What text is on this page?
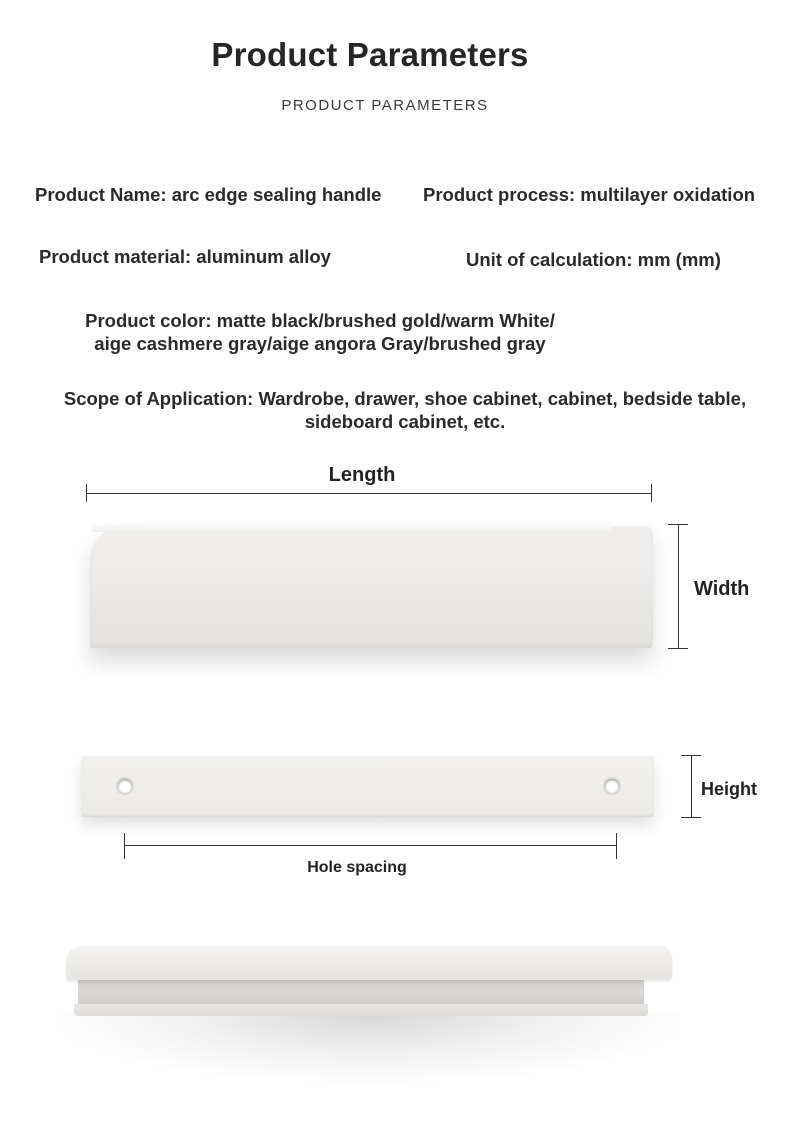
Product Parameters
PRODUCT PARAMETERS
Product Name: arc edge sealing handle Product process: multilayer oxidation
Product material: aluminum alloy	Unit of calculation: mm (mm)
Product color: matte black/brushed gold/warm White/
aige cashmere gray/aige angora Gray/brushed gray
Scope of Application: Wardrobe, drawer, shoe cabinet, cabinet, bedside table,
sideboard cabinet, etc.
Length
Width
Height
Hole spacing
